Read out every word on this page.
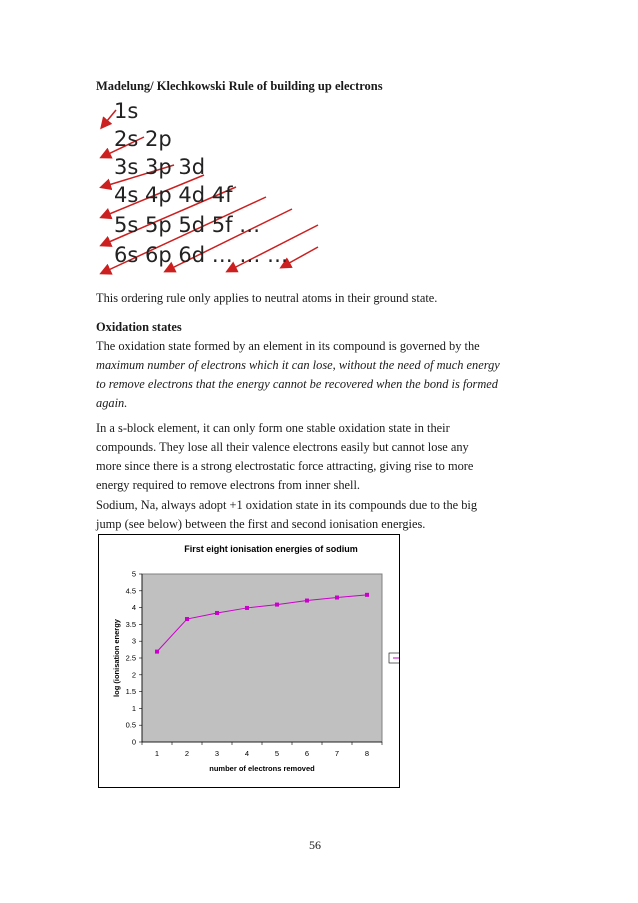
Madelung/ Klechkowski Rule of building up electrons
1s
2s 2p
3s 3p 3d
4s 4p 4d 4f
5s 5p 5d 5f …
6s 6p 6d … … …
This ordering rule only applies to neutral atoms in their ground state.
Oxidation states
The oxidation state formed by an element in its compound is governed by the
maximum number of electrons which it can lose, without the need of much energy
to remove electrons that the energy cannot be recovered when the bond is formed
again.
In a s-block element, it can only form one stable oxidation state in their
compounds. They lose all their valence electrons easily but cannot lose any
more since there is a strong electrostatic force attracting, giving rise to more
energy required to remove electrons from inner shell.
Sodium, Na, always adopt +1 oxidation state in its compounds due to the big
jump (see below) between the first and second ionisation energies.
First eight ionisation energies of sodium
0
0.5
1
1.5
2
2.5
3
3.5
4
4.5
5
1	2	3	4	5	6	7	8
log (ionisation energy
number of electrons removed
56
